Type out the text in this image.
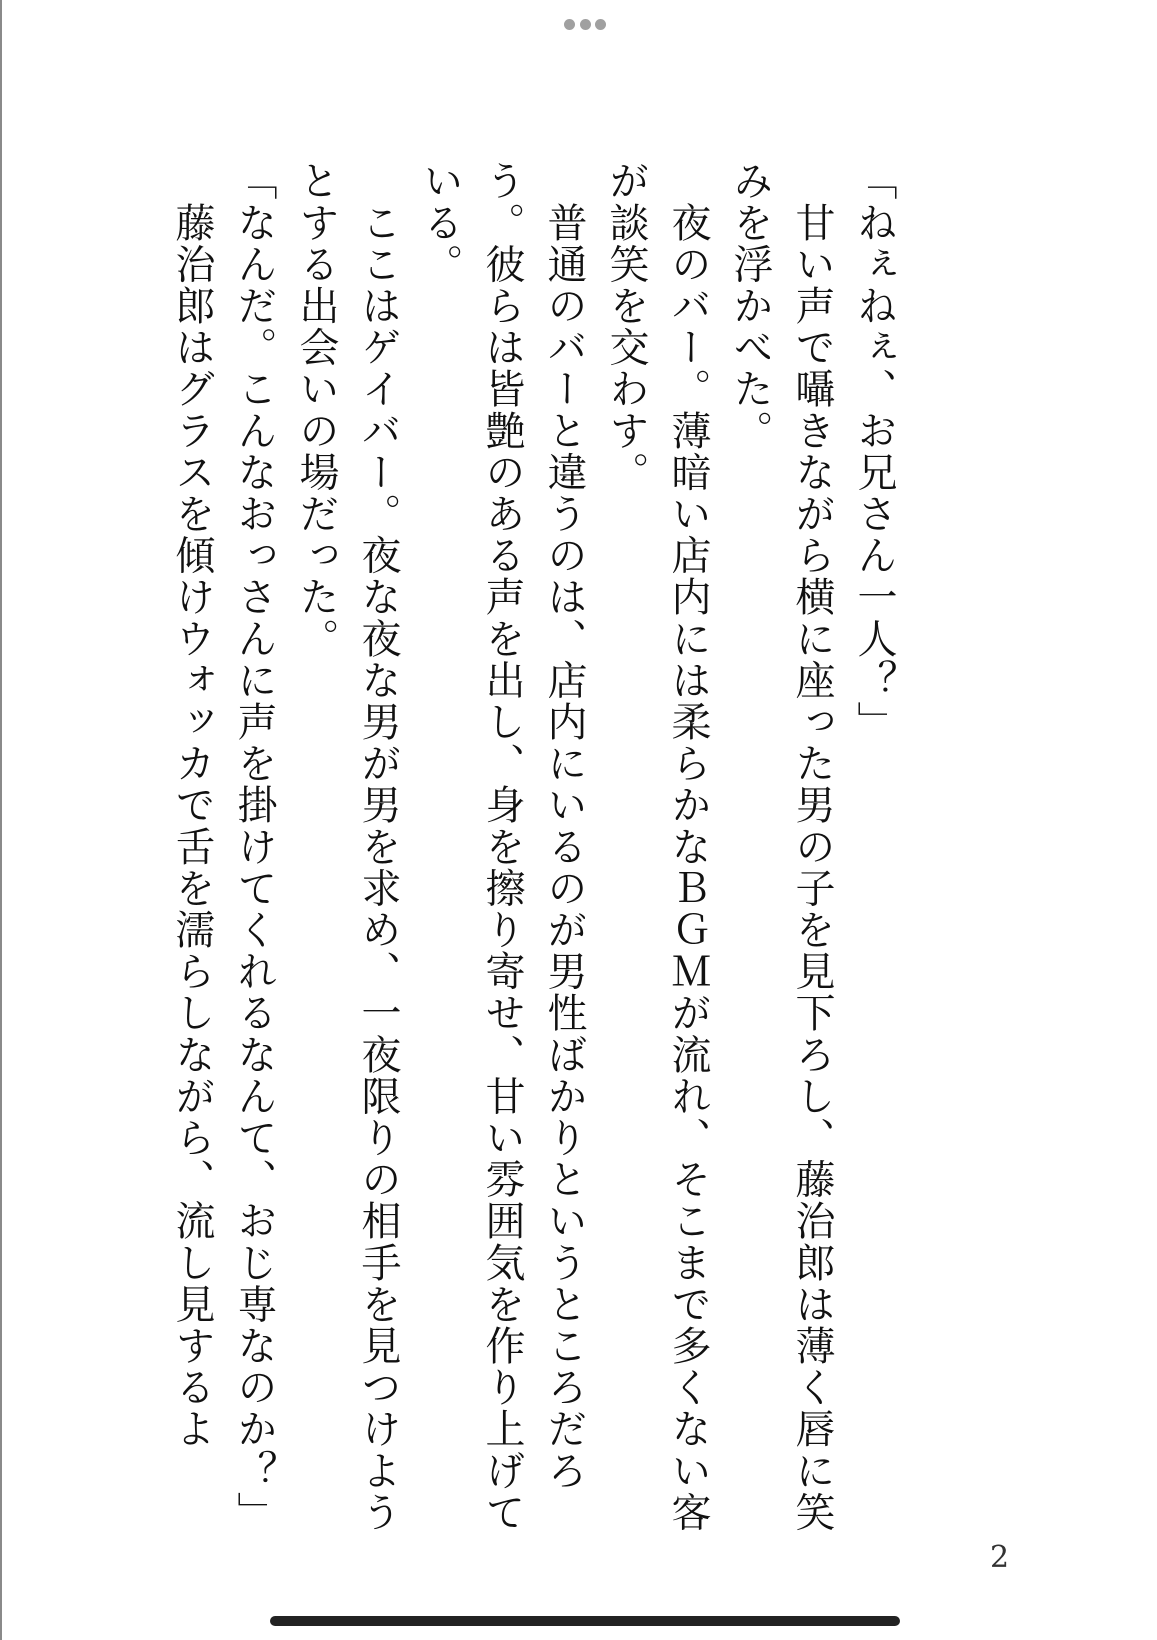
「ねぇねぇ、お兄さん一人？」

　甘い声で囁きながら横に座った男の子を見下ろし、藤治郎は薄く唇に笑みを浮かべた。

　夜のバー。薄暗い店内には柔らかなＢＧＭが流れ、そこまで多くない客が談笑を交わす。

　普通のバーと違うのは、店内にいるのが男性ばかりというところだろう。彼らは皆艶のある声を出し、身を擦り寄せ、甘い雰囲気を作り上げている。

　ここはゲイバー。夜な夜な男が男を求め、一夜限りの相手を見つけようとする出会いの場だった。

「なんだ。こんなおっさんに声を掛けてくれるなんて、おじ専なのか？」

　藤治郎はグラスを傾けウォッカで舌を濡らしながら、流し見するよ

2
